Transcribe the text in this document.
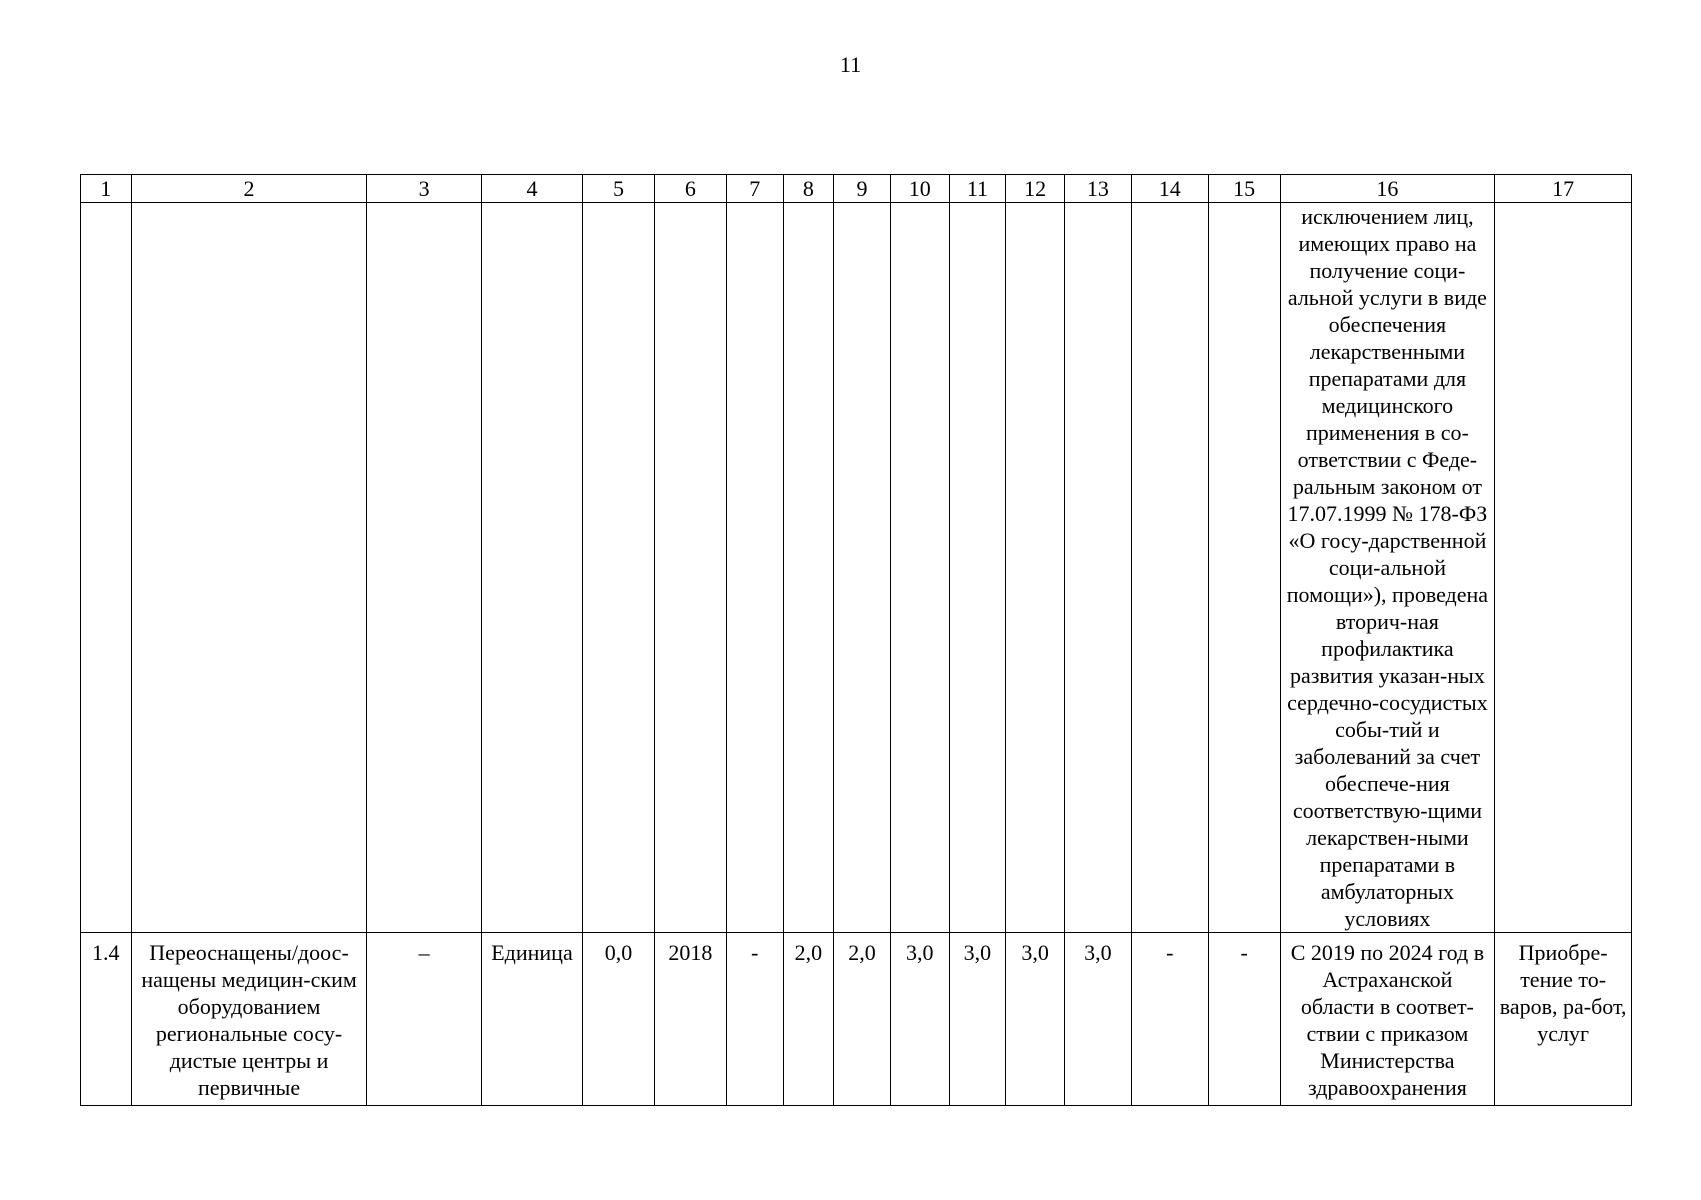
11
1	2	3	4	5	6	7	8	9	10	11	12	13	14	15	16	17
															исключением лиц, имеющих право на получение соци-альной услуги в виде обеспечения лекарственными препаратами для медицинского применения в со-ответствии с Феде-ральным законом от 17.07.1999 № 178-ФЗ «О госу-дарственной соци-альной помощи»), проведена вторич-ная профилактика развития указан-ных сердечно-сосудистых собы-тий и заболеваний за счет обеспече-ния соответствую-щими лекарствен-ными препаратами в амбулаторных условиях	
1.4	Переоснащены/доос-нащены медицин-ским оборудованием региональные сосу-дистые центры и первичные	–	Единица	0,0	2018	-	2,0	2,0	3,0	3,0	3,0	3,0	-	-	С 2019 по 2024 год в Астраханской области в соответ-ствии с приказом Министерства здравоохранения	Приобре-тение то-варов, ра-бот, услуг
